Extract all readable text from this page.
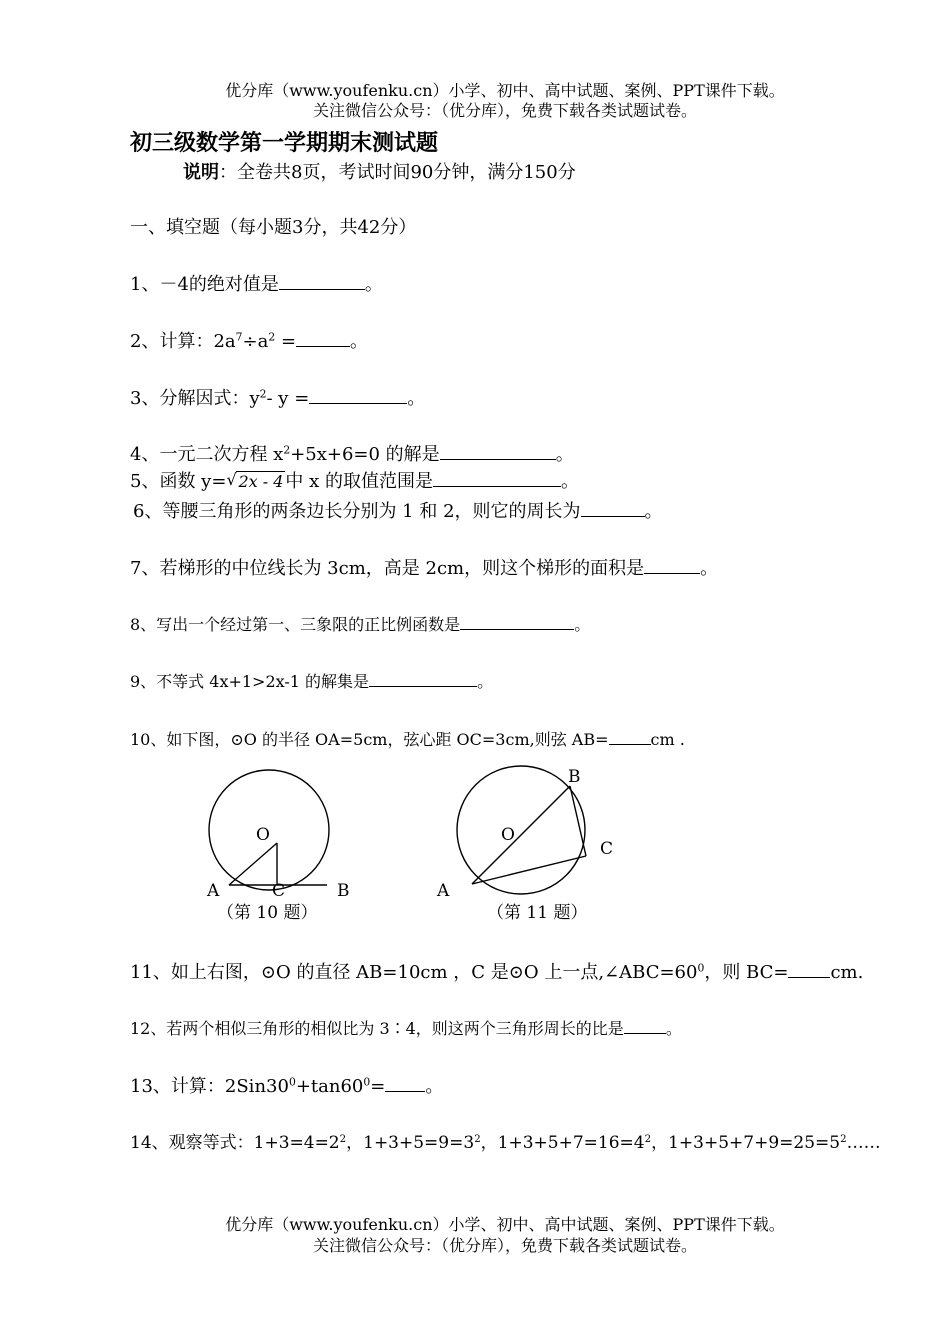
优分库（www.youfenku.cn）小学、初中、高中试题、案例、PPT课件下载。
关注微信公众号：（优分库），免费下载各类试题试卷。
初三级数学第一学期期末测试题
说明：全卷共8页，考试时间90分钟，满分150分
一、填空题（每小题3分，共42分）
1、－4的绝对值是	。
2、计算：$2a^7\div a^2$ =	。
3、分解因式：$y^2-$ y =	。
4、一元二次方程 $x^2+5x+6=0$ 的解是	。
5、函数 y= √ 2x - 4 中 x 的取值范围是	。
6、等腰三角形的两条边长分别为 1 和 2，则它的周长为	。
7、若梯形的中位线长为 3cm，高是 2cm，则这个梯形的面积是	。
8、写出一个经过第一、三象限的正比例函数是	。
9、不等式 4x+1>2x-1 的解集是	。
10、如下图，⊙O 的半径 OA=5cm，弦心距 OC=3cm,则弦 AB=	cm .
O
A	C	B
（第 10 题）
O
A
B
C
（第 11 题）
11、如上右图，⊙O 的直径 AB=10cm ，C 是⊙O 上一点$,\angle ABC=60^0$，则 BC= cm.
12、若两个相似三角形的相似比为 3∶4，则这两个三角形周长的比是	。
13、计算：$2Sin30^0+\tan 60^0=$ 。
14、观察等式：$1+3=4=2^2$，$1+3+5=9=3^2$，$1+3+5+7=16=4^2$，$1+3+5+7+9=25=5^2\dots\dots$
优分库（www.youfenku.cn）小学、初中、高中试题、案例、PPT课件下载。
关注微信公众号：（优分库），免费下载各类试题试卷。
